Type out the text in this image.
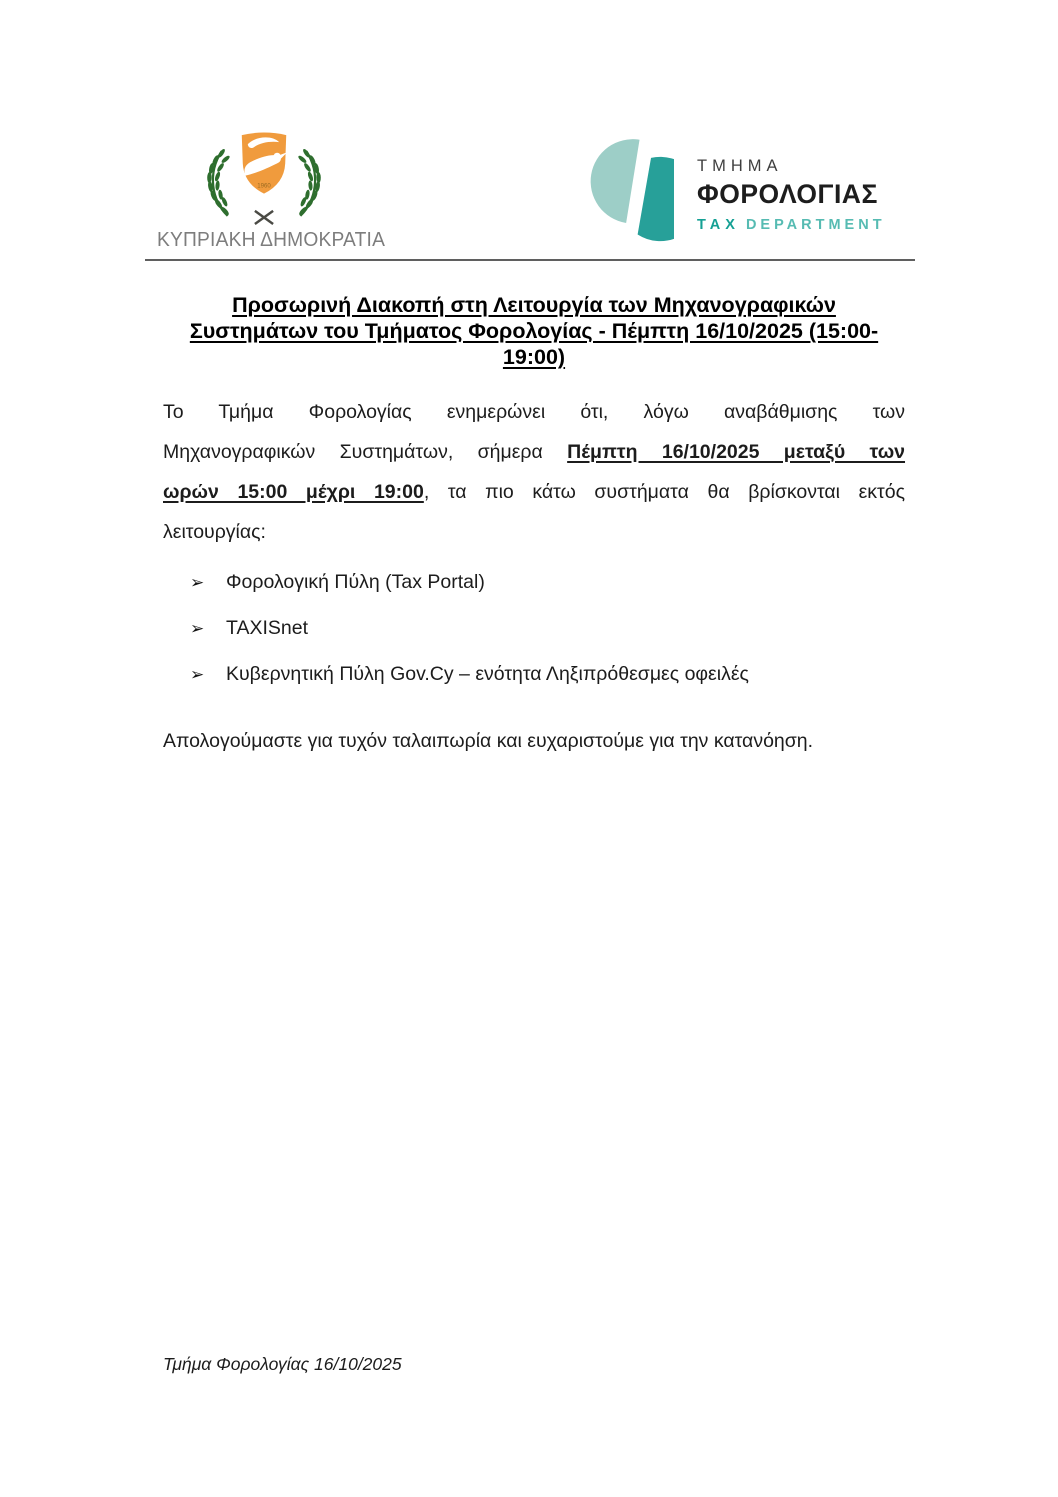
1960
ΚΥΠΡΙΑΚΗ ΔΗΜΟΚΡΑΤΙΑ
ΤΜΗΜΑ
ΦΟΡΟΛΟΓΙΑΣ
ΤΑΧ DEPARTMENT
Προσωρινή Διακοπή στη Λειτουργία των Μηχανογραφικών
Συστημάτων του Τμήματος Φορολογίας - Πέμπτη 16/10/2025 (15:00-
19:00)
Το Τμήμα Φορολογίας ενημερώνει ότι, λόγω αναβάθμισης των
Μηχανογραφικών Συστημάτων, σήμερα Πέμπτη 16/10/2025 μεταξύ των
ωρών 15:00 μέχρι 19:00, τα πιο κάτω συστήματα θα βρίσκονται εκτός
λειτουργίας:
➢ Φορολογική Πύλη (Tax Portal)
➢ TAXISnet
➢ Κυβερνητική Πύλη Gov.Cy – ενότητα Ληξιπρόθεσμες οφειλές

Απολογούμαστε για τυχόν ταλαιπωρία και ευχαριστούμε για την κατανόηση.

Τμήμα Φορολογίας 16/10/2025
